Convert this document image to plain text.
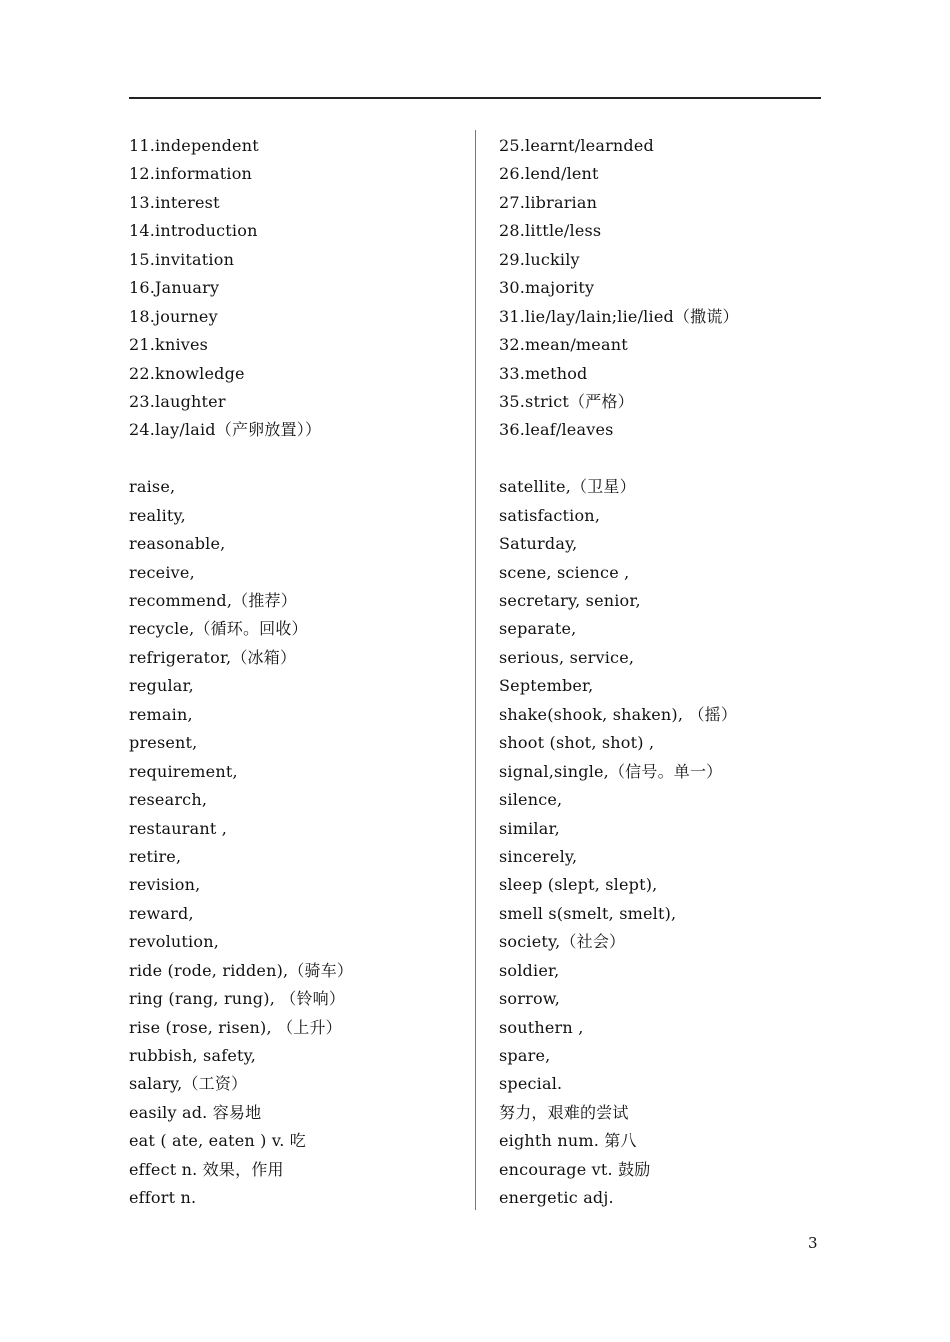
11.independent
12.information
13.interest
14.introduction
15.invitation
16.January
18.journey
21.knives
22.knowledge
23.laughter
24.lay/laid（产卵放置））
raise,
reality,
reasonable,
receive,
recommend,（推荐）
recycle,（循环。回收）
refrigerator,（冰箱）
regular,
remain,
present,
requirement,
research,
restaurant ,
retire,
revision,
reward,
revolution,
ride (rode, ridden),（骑车）
ring (rang, rung), （铃响）
rise (rose, risen), （上升）
rubbish, safety,
salary,（工资）
easily ad. 容易地
eat ( ate, eaten ) v. 吃
effect n. 效果，作用
effort n.
25.learnt/learnded
26.lend/lent
27.librarian
28.little/less
29.luckily
30.majority
31.lie/lay/lain;lie/lied（撒谎）
32.mean/meant
33.method
35.strict（严格）
36.leaf/leaves
satellite,（卫星）
satisfaction,
Saturday,
scene, science ,
secretary, senior,
separate,
serious, service,
September,
shake(shook, shaken), （摇）
shoot (shot, shot) ,
signal,single,（信号。单一）
silence,
similar,
sincerely,
sleep (slept, slept),
smell s(smelt, smelt),
society,（社会）
soldier,
sorrow,
southern ,
spare,
special.
努力，艰难的尝试
eighth num. 第八
encourage vt. 鼓励
energetic adj.
3
